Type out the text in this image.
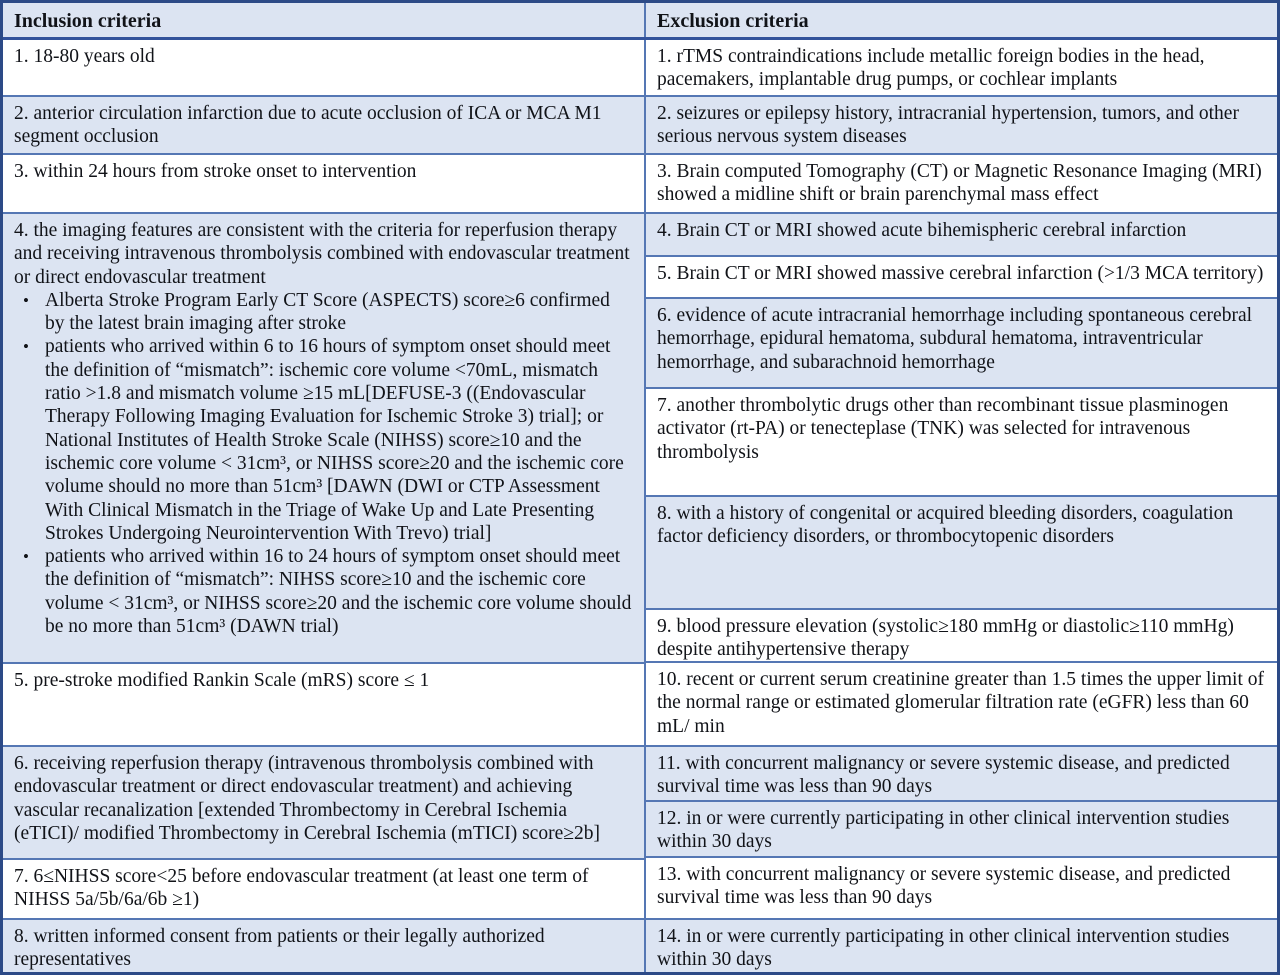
Inclusion criteria	Exclusion criteria
1. 18-80 years old
2. anterior circulation infarction due to acute occlusion of ICA or MCA M1 segment occlusion
3. within 24 hours from stroke onset to intervention
4. the imaging features are consistent with the criteria for reperfusion therapy and receiving intravenous thrombolysis combined with endovascular treatment or direct endovascular treatment
• Alberta Stroke Program Early CT Score (ASPECTS) score≥6 confirmed by the latest brain imaging after stroke
• patients who arrived within 6 to 16 hours of symptom onset should meet the definition of “mismatch”: ischemic core volume <70mL, mismatch ratio >1.8 and mismatch volume ≥15 mL[DEFUSE-3 ((Endovascular Therapy Following Imaging Evaluation for Ischemic Stroke 3) trial]; or National Institutes of Health Stroke Scale (NIHSS) score≥10 and the ischemic core volume < 31cm³, or NIHSS score≥20 and the ischemic core volume should no more than 51cm³ [DAWN (DWI or CTP Assessment With Clinical Mismatch in the Triage of Wake Up and Late Presenting Strokes Undergoing Neurointervention With Trevo) trial]
• patients who arrived within 16 to 24 hours of symptom onset should meet the definition of “mismatch”: NIHSS score≥10 and the ischemic core volume < 31cm³, or NIHSS score≥20 and the ischemic core volume should be no more than 51cm³ (DAWN trial)
5. pre-stroke modified Rankin Scale (mRS) score ≤ 1
6. receiving reperfusion therapy (intravenous thrombolysis combined with endovascular treatment or direct endovascular treatment) and achieving vascular recanalization [extended Thrombectomy in Cerebral Ischemia (eTICI)/ modified Thrombectomy in Cerebral Ischemia (mTICI) score≥2b]
7. 6≤NIHSS score<25 before endovascular treatment (at least one term of NIHSS 5a/5b/6a/6b ≥1)
8. written informed consent from patients or their legally authorized representatives
1. rTMS contraindications include metallic foreign bodies in the head, pacemakers, implantable drug pumps, or cochlear implants
2. seizures or epilepsy history, intracranial hypertension, tumors, and other serious nervous system diseases
3. Brain computed Tomography (CT) or Magnetic Resonance Imaging (MRI) showed a midline shift or brain parenchymal mass effect
4. Brain CT or MRI showed acute bihemispheric cerebral infarction
5. Brain CT or MRI showed massive cerebral infarction (>1/3 MCA territory)
6. evidence of acute intracranial hemorrhage including spontaneous cerebral hemorrhage, epidural hematoma, subdural hematoma, intraventricular hemorrhage, and subarachnoid hemorrhage
7. another thrombolytic drugs other than recombinant tissue plasminogen activator (rt-PA) or tenecteplase (TNK) was selected for intravenous thrombolysis
8. with a history of congenital or acquired bleeding disorders, coagulation factor deficiency disorders, or thrombocytopenic disorders
9. blood pressure elevation (systolic≥180 mmHg or diastolic≥110 mmHg) despite antihypertensive therapy
10. recent or current serum creatinine greater than 1.5 times the upper limit of the normal range or estimated glomerular filtration rate (eGFR) less than 60 mL/ min
11. with concurrent malignancy or severe systemic disease, and predicted survival time was less than 90 days
12. in or were currently participating in other clinical intervention studies within 30 days
13. with concurrent malignancy or severe systemic disease, and predicted survival time was less than 90 days
14. in or were currently participating in other clinical intervention studies within 30 days
